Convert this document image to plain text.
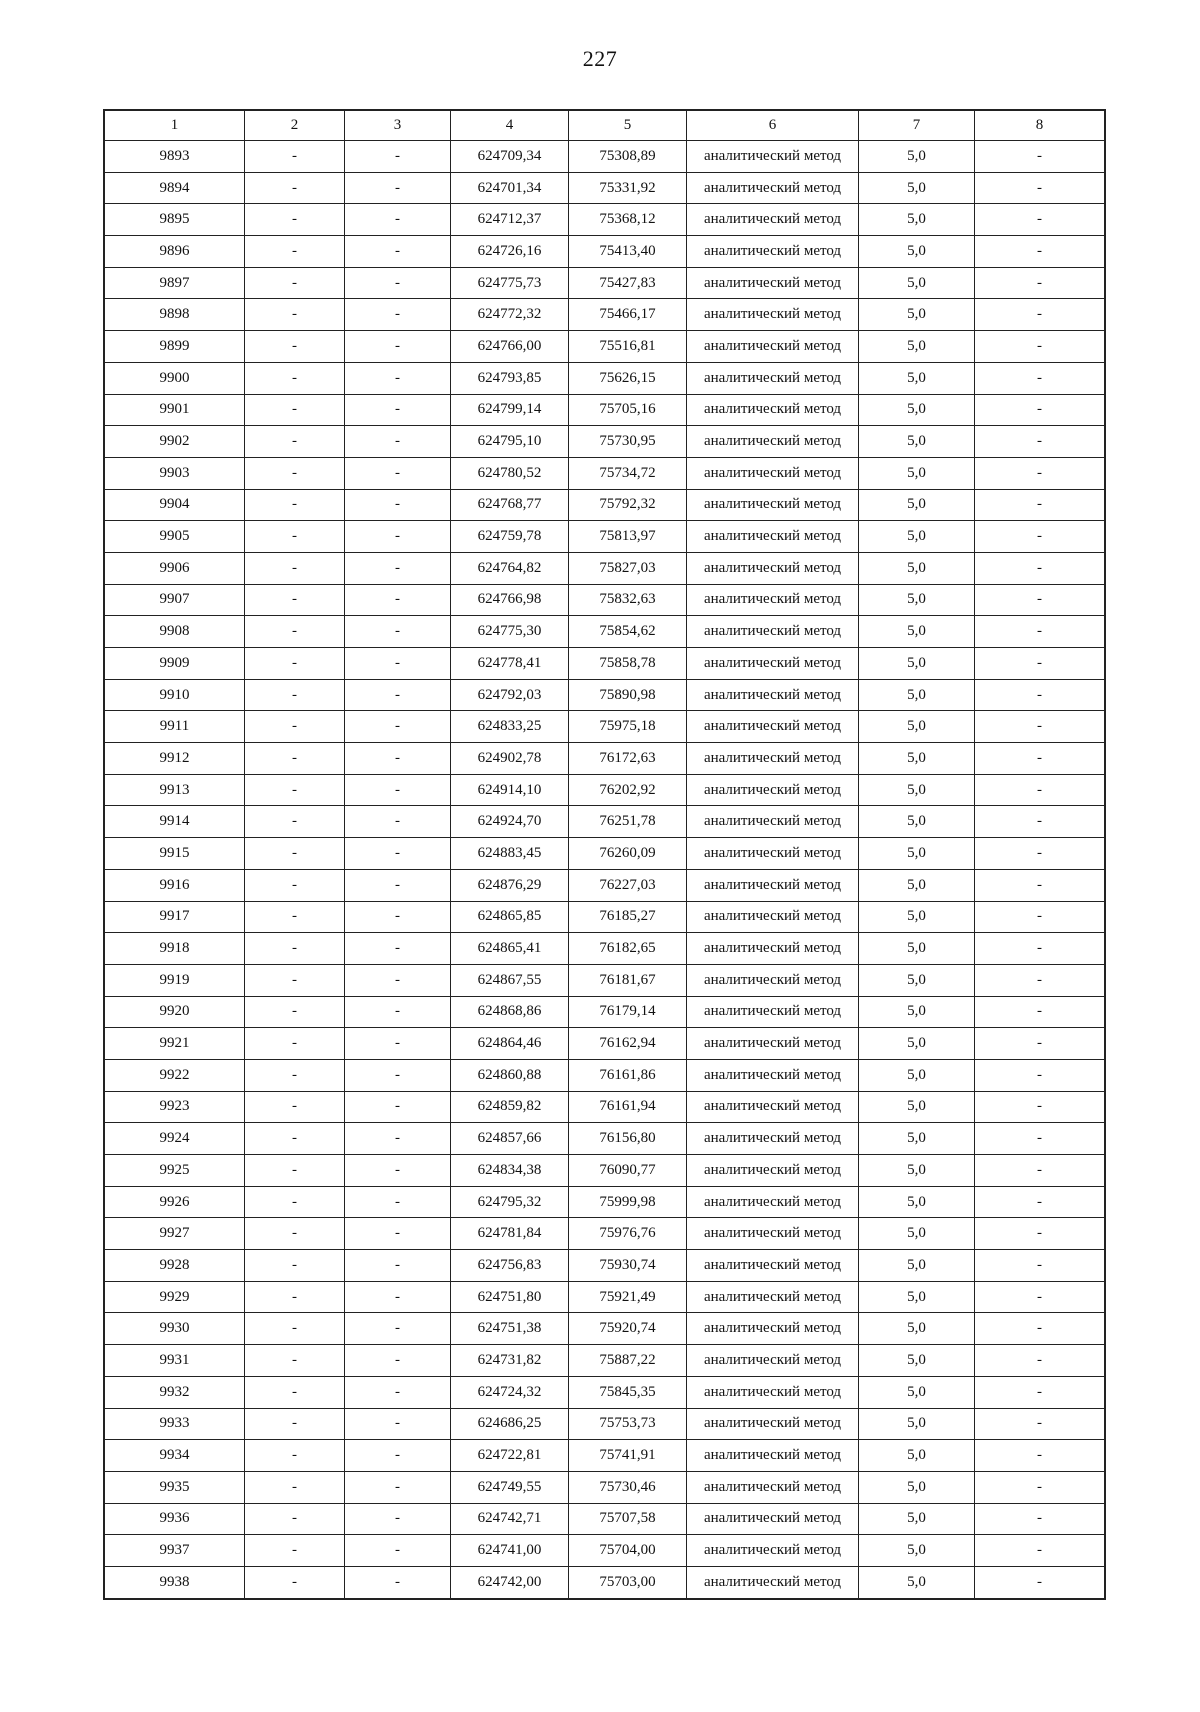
227
1	2	3	4	5	6	7	8
9893	-	-	624709,34	75308,89	аналитический метод	5,0	-
9894	-	-	624701,34	75331,92	аналитический метод	5,0	-
9895	-	-	624712,37	75368,12	аналитический метод	5,0	-
9896	-	-	624726,16	75413,40	аналитический метод	5,0	-
9897	-	-	624775,73	75427,83	аналитический метод	5,0	-
9898	-	-	624772,32	75466,17	аналитический метод	5,0	-
9899	-	-	624766,00	75516,81	аналитический метод	5,0	-
9900	-	-	624793,85	75626,15	аналитический метод	5,0	-
9901	-	-	624799,14	75705,16	аналитический метод	5,0	-
9902	-	-	624795,10	75730,95	аналитический метод	5,0	-
9903	-	-	624780,52	75734,72	аналитический метод	5,0	-
9904	-	-	624768,77	75792,32	аналитический метод	5,0	-
9905	-	-	624759,78	75813,97	аналитический метод	5,0	-
9906	-	-	624764,82	75827,03	аналитический метод	5,0	-
9907	-	-	624766,98	75832,63	аналитический метод	5,0	-
9908	-	-	624775,30	75854,62	аналитический метод	5,0	-
9909	-	-	624778,41	75858,78	аналитический метод	5,0	-
9910	-	-	624792,03	75890,98	аналитический метод	5,0	-
9911	-	-	624833,25	75975,18	аналитический метод	5,0	-
9912	-	-	624902,78	76172,63	аналитический метод	5,0	-
9913	-	-	624914,10	76202,92	аналитический метод	5,0	-
9914	-	-	624924,70	76251,78	аналитический метод	5,0	-
9915	-	-	624883,45	76260,09	аналитический метод	5,0	-
9916	-	-	624876,29	76227,03	аналитический метод	5,0	-
9917	-	-	624865,85	76185,27	аналитический метод	5,0	-
9918	-	-	624865,41	76182,65	аналитический метод	5,0	-
9919	-	-	624867,55	76181,67	аналитический метод	5,0	-
9920	-	-	624868,86	76179,14	аналитический метод	5,0	-
9921	-	-	624864,46	76162,94	аналитический метод	5,0	-
9922	-	-	624860,88	76161,86	аналитический метод	5,0	-
9923	-	-	624859,82	76161,94	аналитический метод	5,0	-
9924	-	-	624857,66	76156,80	аналитический метод	5,0	-
9925	-	-	624834,38	76090,77	аналитический метод	5,0	-
9926	-	-	624795,32	75999,98	аналитический метод	5,0	-
9927	-	-	624781,84	75976,76	аналитический метод	5,0	-
9928	-	-	624756,83	75930,74	аналитический метод	5,0	-
9929	-	-	624751,80	75921,49	аналитический метод	5,0	-
9930	-	-	624751,38	75920,74	аналитический метод	5,0	-
9931	-	-	624731,82	75887,22	аналитический метод	5,0	-
9932	-	-	624724,32	75845,35	аналитический метод	5,0	-
9933	-	-	624686,25	75753,73	аналитический метод	5,0	-
9934	-	-	624722,81	75741,91	аналитический метод	5,0	-
9935	-	-	624749,55	75730,46	аналитический метод	5,0	-
9936	-	-	624742,71	75707,58	аналитический метод	5,0	-
9937	-	-	624741,00	75704,00	аналитический метод	5,0	-
9938	-	-	624742,00	75703,00	аналитический метод	5,0	-
